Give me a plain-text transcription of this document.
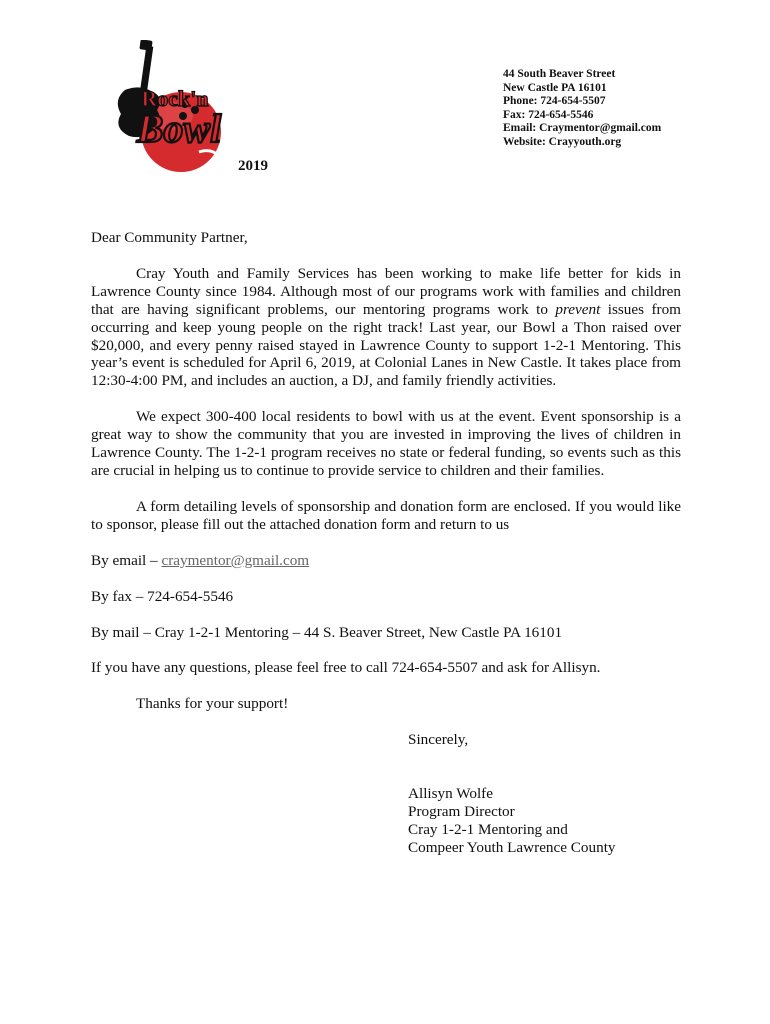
Rock'n
Bowl
44 South Beaver Street
New Castle PA 16101
Phone: 724-654-5507
Fax: 724-654-5546
Email: Craymentor@gmail.com
Website: Crayyouth.org
2019

Dear Community Partner,

Cray Youth and Family Services has been working to make life better for kids in Lawrence County since 1984. Although most of our programs work with families and children that are having significant problems, our mentoring programs work to prevent issues from occurring and keep young people on the right track! Last year, our Bowl a Thon raised over $20,000, and every penny raised stayed in Lawrence County to support 1-2-1 Mentoring. This year’s event is scheduled for April 6, 2019, at Colonial Lanes in New Castle. It takes place from 12:30-4:00 PM, and includes an auction, a DJ, and family friendly activities.

We expect 300-400 local residents to bowl with us at the event. Event sponsorship is a great way to show the community that you are invested in improving the lives of children in Lawrence County. The 1-2-1 program receives no state or federal funding, so events such as this are crucial in helping us to continue to provide service to children and their families.

A form detailing levels of sponsorship and donation form are enclosed. If you would like to sponsor, please fill out the attached donation form and return to us

By email – craymentor@gmail.com

By fax – 724-654-5546

By mail – Cray 1-2-1 Mentoring – 44 S. Beaver Street, New Castle PA 16101

If you have any questions, please feel free to call 724-654-5507 and ask for Allisyn.

Thanks for your support!

Sincerely,

Allisyn Wolfe

Program Director

Cray 1-2-1 Mentoring and

Compeer Youth Lawrence County
